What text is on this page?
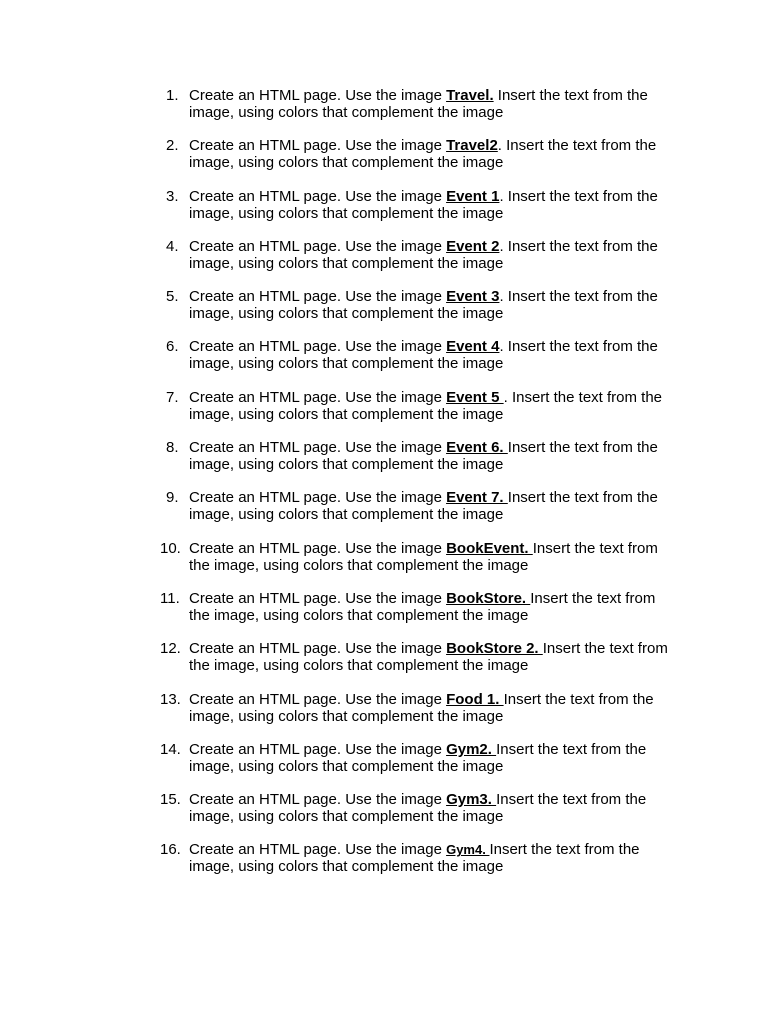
1. Create an HTML page. Use the image Travel. Insert the text from the image, using colors that complement the image
2. Create an HTML page. Use the image Travel2. Insert the text from the image, using colors that complement the image
3. Create an HTML page. Use the image Event 1. Insert the text from the image, using colors that complement the image
4. Create an HTML page. Use the image Event 2. Insert the text from the image, using colors that complement the image
5. Create an HTML page. Use the image Event 3. Insert the text from the image, using colors that complement the image
6. Create an HTML page. Use the image Event 4. Insert the text from the image, using colors that complement the image
7. Create an HTML page. Use the image Event 5 . Insert the text from the image, using colors that complement the image
8. Create an HTML page. Use the image Event 6. Insert the text from the image, using colors that complement the image
9. Create an HTML page. Use the image Event 7. Insert the text from the image, using colors that complement the image
10. Create an HTML page. Use the image BookEvent. Insert the text from the image, using colors that complement the image
11. Create an HTML page. Use the image BookStore. Insert the text from the image, using colors that complement the image
12. Create an HTML page. Use the image BookStore 2. Insert the text from the image, using colors that complement the image
13. Create an HTML page. Use the image Food 1. Insert the text from the image, using colors that complement the image
14. Create an HTML page. Use the image Gym2. Insert the text from the image, using colors that complement the image
15. Create an HTML page. Use the image Gym3. Insert the text from the image, using colors that complement the image
16. Create an HTML page. Use the image Gym4. Insert the text from the image, using colors that complement the image
